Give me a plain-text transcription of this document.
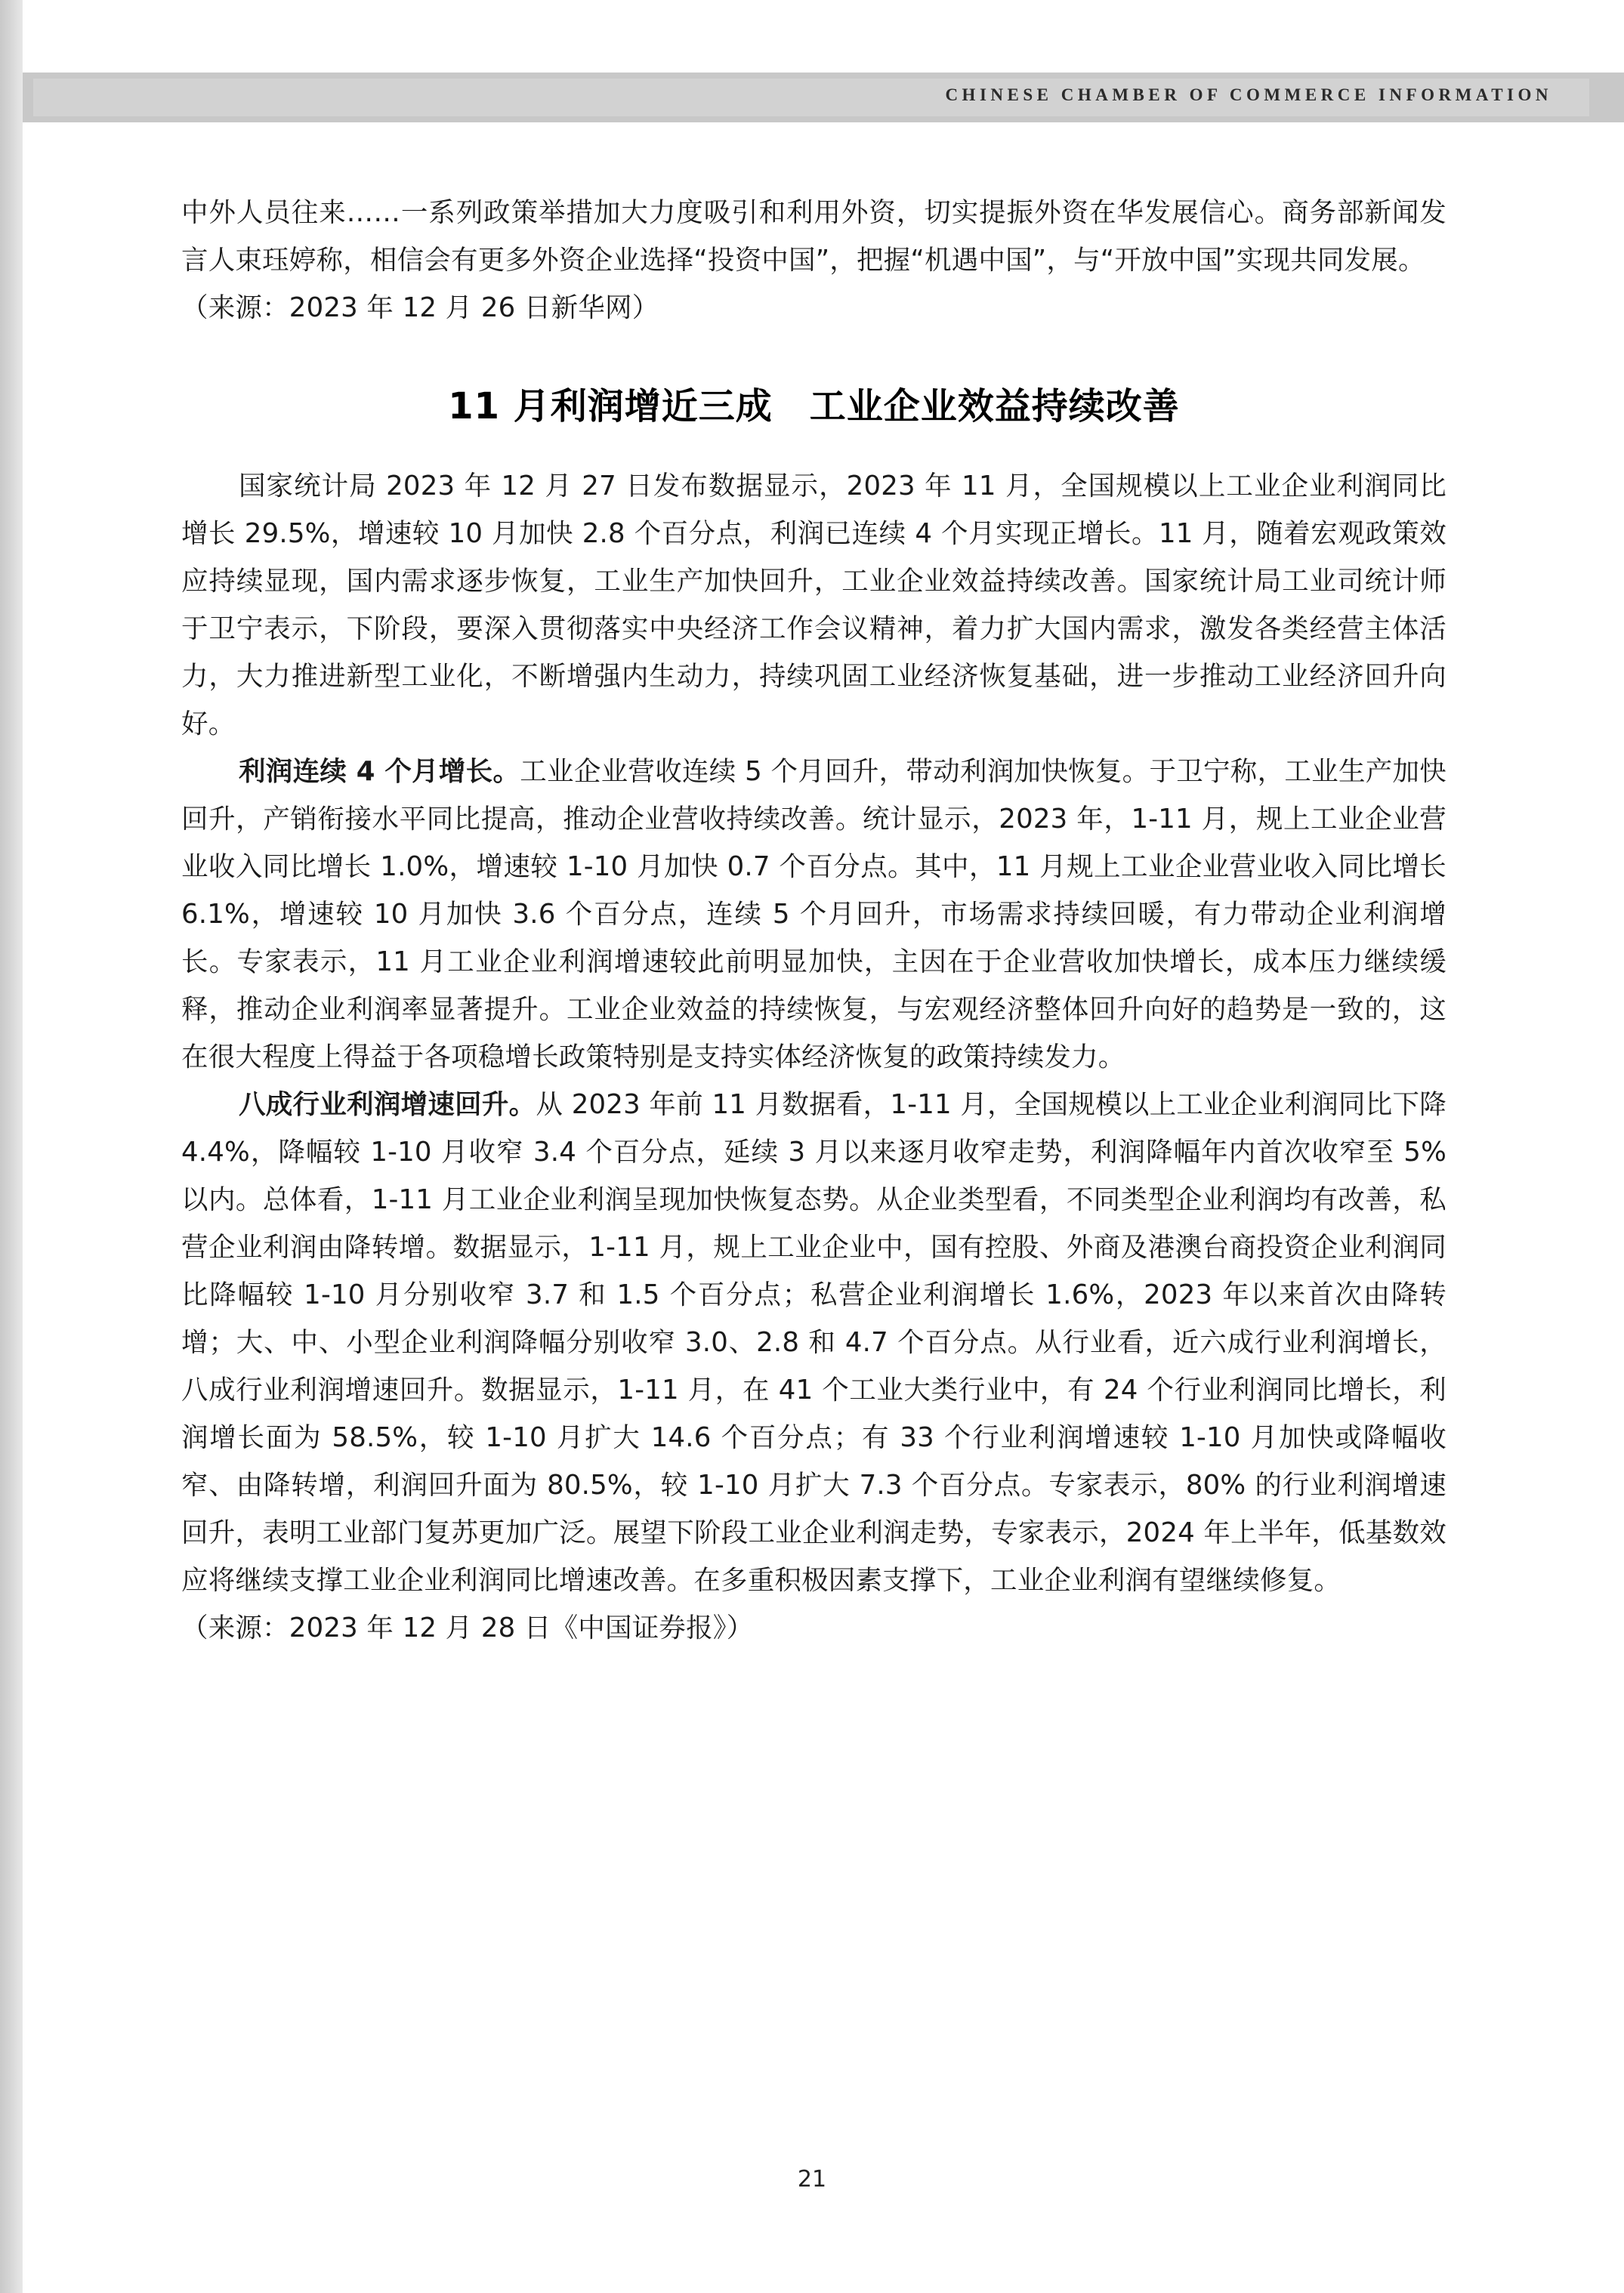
CHINESE CHAMBER OF COMMERCE INFORMATION

中外人员往来……一系列政策举措加大力度吸引和利用外资，切实提振外资在华发展信心。商务部新闻发言人束珏婷称，相信会有更多外资企业选择“投资中国”，把握“机遇中国”，与“开放中国”实现共同发展。

（来源：2023 年 12 月 26 日新华网）

11 月利润增近三成　工业企业效益持续改善

国家统计局 2023 年 12 月 27 日发布数据显示，2023 年 11 月，全国规模以上工业企业利润同比增长 29.5%，增速较 10 月加快 2.8 个百分点，利润已连续 4 个月实现正增长。11 月，随着宏观政策效应持续显现，国内需求逐步恢复，工业生产加快回升，工业企业效益持续改善。国家统计局工业司统计师于卫宁表示，下阶段，要深入贯彻落实中央经济工作会议精神，着力扩大国内需求，激发各类经营主体活力，大力推进新型工业化，不断增强内生动力，持续巩固工业经济恢复基础，进一步推动工业经济回升向好。

利润连续 4 个月增长。工业企业营收连续 5 个月回升，带动利润加快恢复。于卫宁称，工业生产加快回升，产销衔接水平同比提高，推动企业营收持续改善。统计显示，2023 年，1-11 月，规上工业企业营业收入同比增长 1.0%，增速较 1-10 月加快 0.7 个百分点。其中，11 月规上工业企业营业收入同比增长 6.1%，增速较 10 月加快 3.6 个百分点，连续 5 个月回升，市场需求持续回暖，有力带动企业利润增长。专家表示，11 月工业企业利润增速较此前明显加快，主因在于企业营收加快增长，成本压力继续缓释，推动企业利润率显著提升。工业企业效益的持续恢复，与宏观经济整体回升向好的趋势是一致的，这在很大程度上得益于各项稳增长政策特别是支持实体经济恢复的政策持续发力。

八成行业利润增速回升。从 2023 年前 11 月数据看，1-11 月，全国规模以上工业企业利润同比下降 4.4%，降幅较 1-10 月收窄 3.4 个百分点，延续 3 月以来逐月收窄走势，利润降幅年内首次收窄至 5% 以内。总体看，1-11 月工业企业利润呈现加快恢复态势。从企业类型看，不同类型企业利润均有改善，私营企业利润由降转增。数据显示，1-11 月，规上工业企业中，国有控股、外商及港澳台商投资企业利润同比降幅较 1-10 月分别收窄 3.7 和 1.5 个百分点；私营企业利润增长 1.6%，2023 年以来首次由降转增；大、中、小型企业利润降幅分别收窄 3.0、2.8 和 4.7 个百分点。从行业看，近六成行业利润增长，八成行业利润增速回升。数据显示，1-11 月，在 41 个工业大类行业中，有 24 个行业利润同比增长，利润增长面为 58.5%，较 1-10 月扩大 14.6 个百分点；有 33 个行业利润增速较 1-10 月加快或降幅收窄、由降转增，利润回升面为 80.5%，较 1-10 月扩大 7.3 个百分点。专家表示，80% 的行业利润增速回升，表明工业部门复苏更加广泛。展望下阶段工业企业利润走势，专家表示，2024 年上半年，低基数效应将继续支撑工业企业利润同比增速改善。在多重积极因素支撑下，工业企业利润有望继续修复。

（来源：2023 年 12 月 28 日《中国证券报》）

21
